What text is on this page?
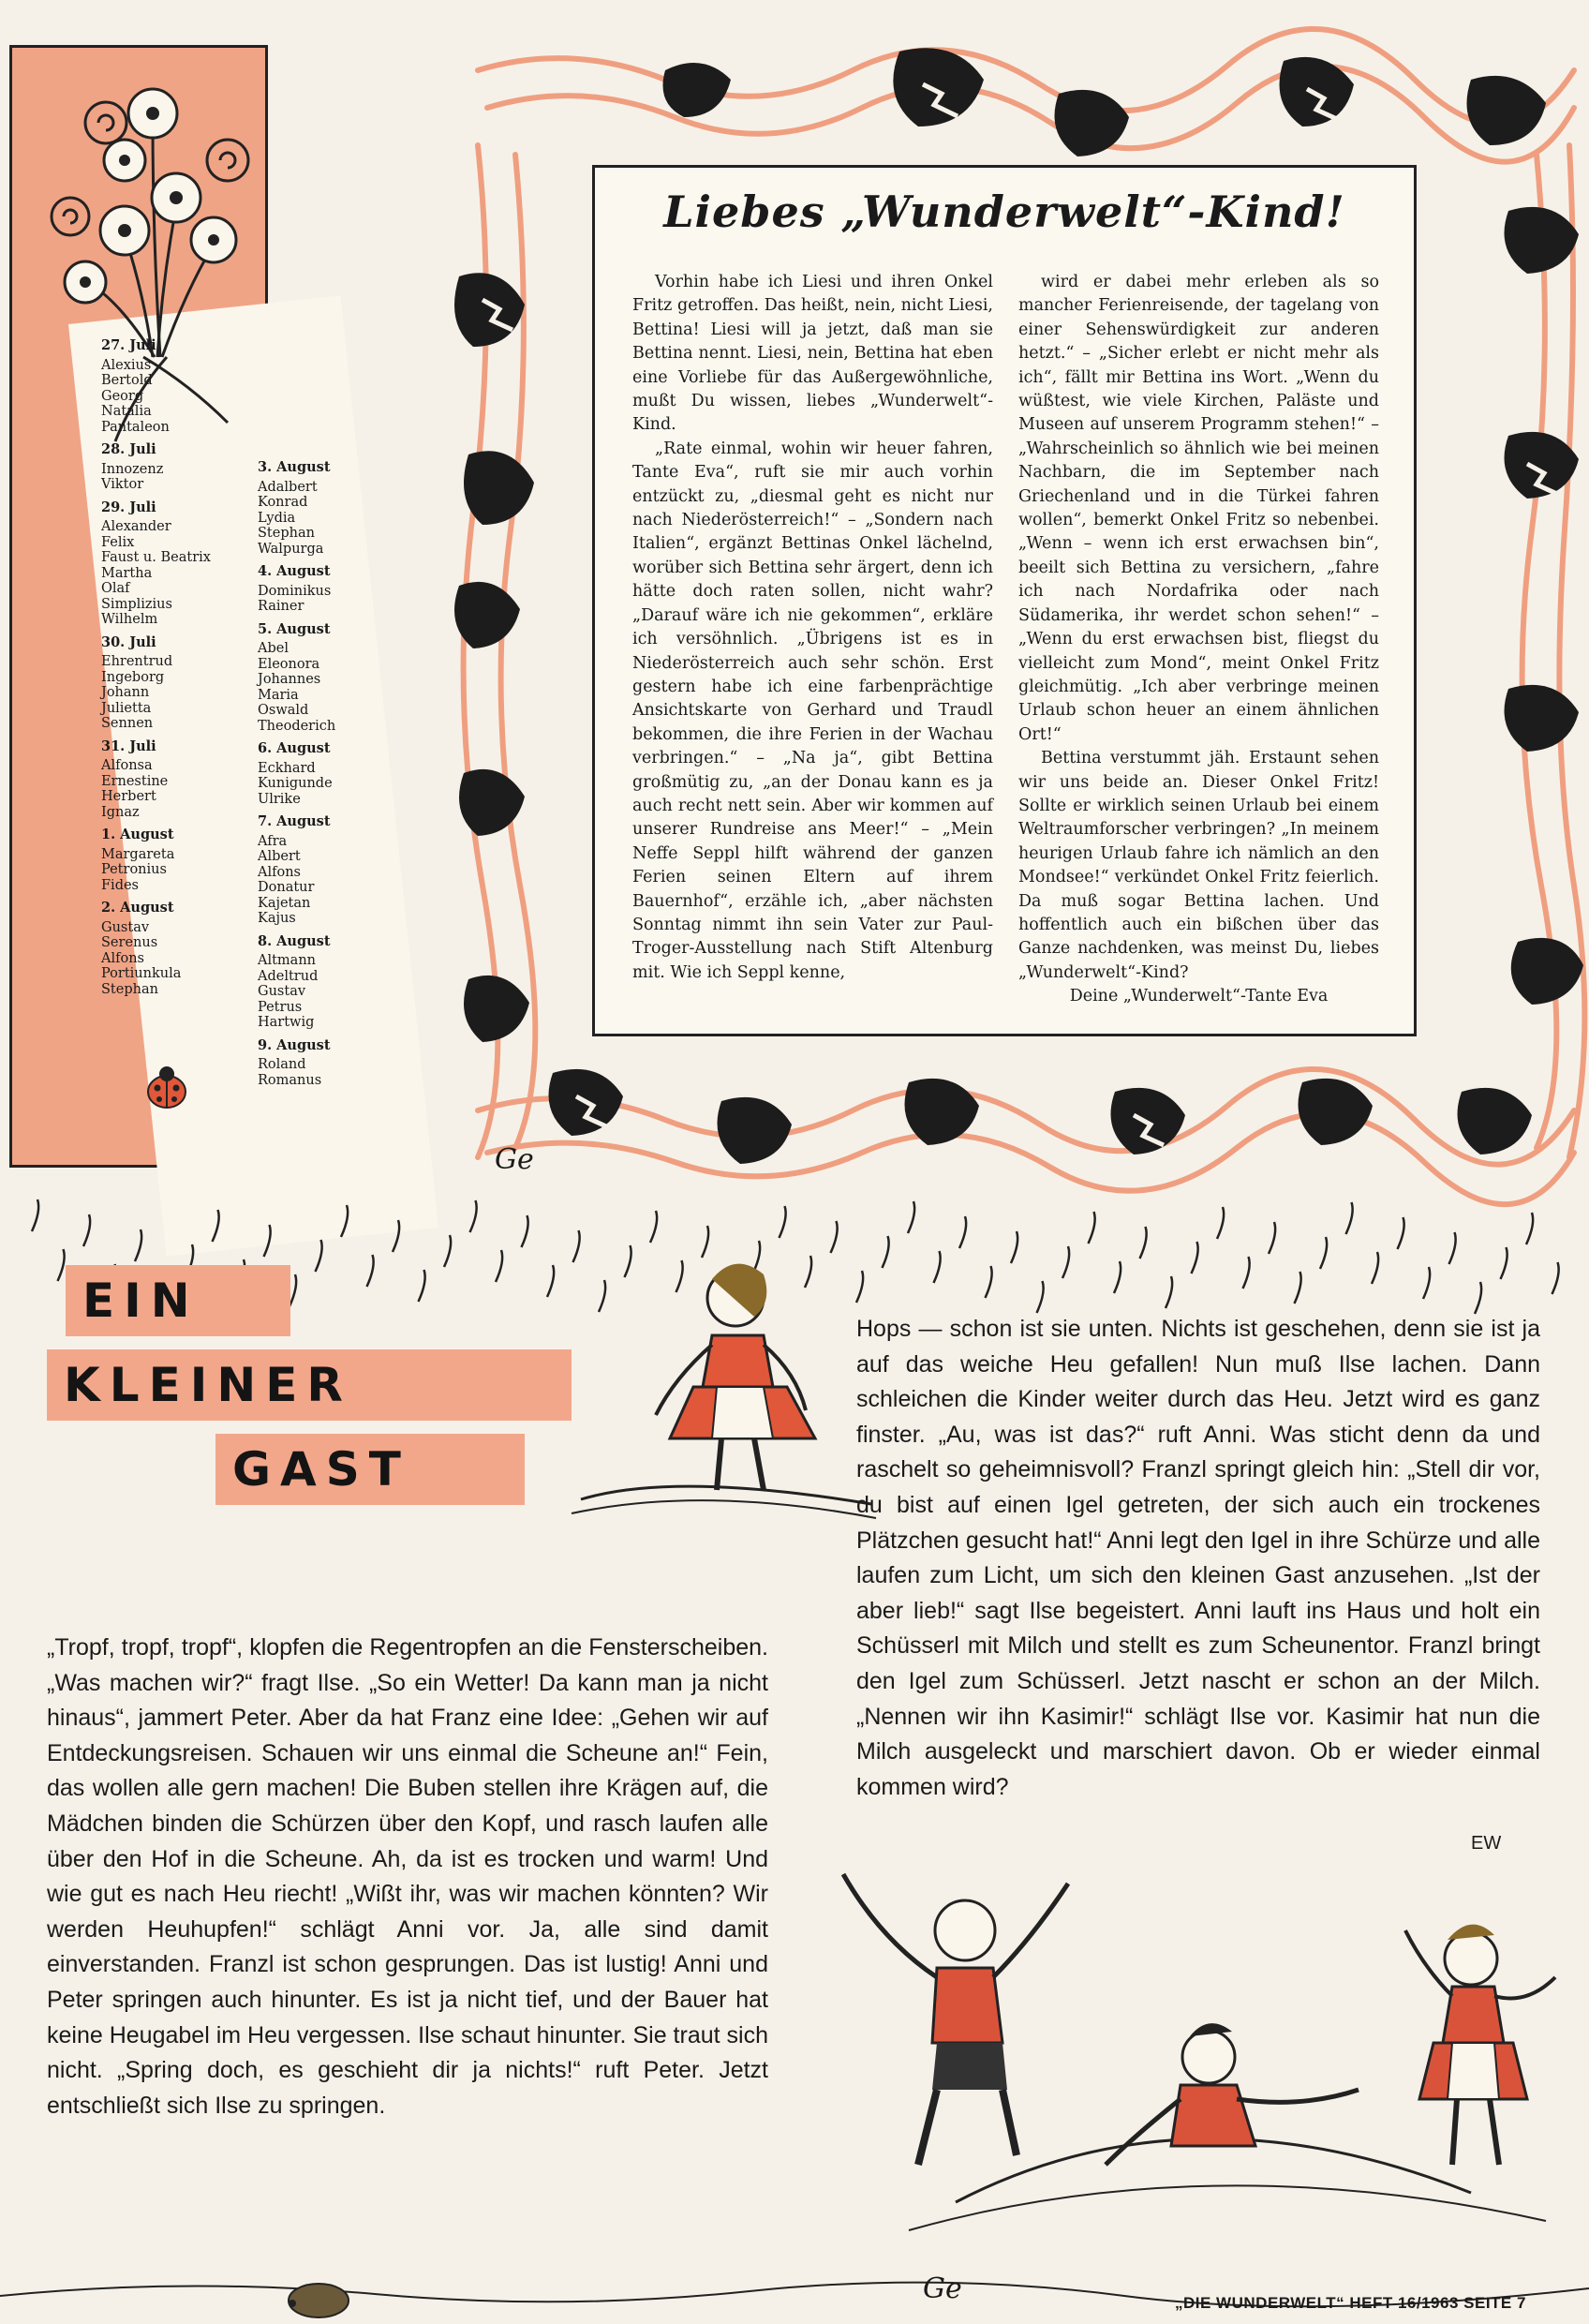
27. Juli
Alexius
Bertold
Georg
Natalia
Pantaleon
28. Juli
Innozenz
Viktor
29. Juli
Alexander
Felix
Faust u. Beatrix
Martha
Olaf
Simplizius
Wilhelm
30. Juli
Ehrentrud
Ingeborg
Johann
Julietta
Sennen
31. Juli
Alfonsa
Ernestine
Herbert
Ignaz
1. August
Margareta
Petronius
Fides
2. August
Gustav
Serenus
Alfons
Portiunkula
Stephan
3. August
Adalbert
Konrad
Lydia
Stephan
Walpurga
4. August
Dominikus
Rainer
5. August
Abel
Eleonora
Johannes
Maria
Oswald
Theoderich
6. August
Eckhard
Kunigunde
Ulrike
7. August
Afra
Albert
Alfons
Donatur
Kajetan
Kajus
8. August
Altmann
Adeltrud
Gustav
Petrus
Hartwig
9. August
Roland
Romanus
Ge
Liebes „Wunderwelt“-Kind!

Vorhin habe ich Liesi und ihren Onkel Fritz getroffen. Das heißt, nein, nicht Liesi, Bettina! Liesi will ja jetzt, daß man sie Bettina nennt. Liesi, nein, Bettina hat eben eine Vorliebe für das Außergewöhnliche, mußt Du wissen, liebes „Wunderwelt“-Kind.

„Rate einmal, wohin wir heuer fahren, Tante Eva“, ruft sie mir auch vorhin entzückt zu, „diesmal geht es nicht nur nach Niederösterreich!“ – „Sondern nach Italien“, ergänzt Bettinas Onkel lächelnd, worüber sich Bettina sehr ärgert, denn ich hätte doch raten sollen, nicht wahr? „Darauf wäre ich nie gekommen“, erkläre ich versöhnlich. „Übrigens ist es in Niederösterreich auch sehr schön. Erst gestern habe ich eine farbenprächtige Ansichtskarte von Gerhard und Traudl bekommen, die ihre Ferien in der Wachau verbringen.“ – „Na ja“, gibt Bettina großmütig zu, „an der Donau kann es ja auch recht nett sein. Aber wir kommen auf unserer Rundreise ans Meer!“ – „Mein Neffe Seppl hilft während der ganzen Ferien seinen Eltern auf ihrem Bauernhof“, erzähle ich, „aber nächsten Sonntag nimmt ihn sein Vater zur Paul-Troger-Ausstellung nach Stift Altenburg mit. Wie ich Seppl kenne,

wird er dabei mehr erleben als so mancher Ferienreisende, der tagelang von einer Sehenswürdigkeit zur anderen hetzt.“ – „Sicher erlebt er nicht mehr als ich“, fällt mir Bettina ins Wort. „Wenn du wüßtest, wie viele Kirchen, Paläste und Museen auf unserem Programm stehen!“ – „Wahrscheinlich so ähnlich wie bei meinen Nachbarn, die im September nach Griechenland und in die Türkei fahren wollen“, bemerkt Onkel Fritz so nebenbei. „Wenn – wenn ich erst erwachsen bin“, beeilt sich Bettina zu versichern, „fahre ich nach Nordafrika oder nach Südamerika, ihr werdet schon sehen!“ – „Wenn du erst erwachsen bist, fliegst du vielleicht zum Mond“, meint Onkel Fritz gleichmütig. „Ich aber verbringe meinen Urlaub schon heuer an einem ähnlichen Ort!“

Bettina verstummt jäh. Erstaunt sehen wir uns beide an. Dieser Onkel Fritz! Sollte er wirklich seinen Urlaub bei einem Weltraumforscher verbringen? „In meinem heurigen Urlaub fahre ich nämlich an den Mondsee!“ verkündet Onkel Fritz feierlich. Da muß sogar Bettina lachen. Und hoffentlich auch ein bißchen über das Ganze nachdenken, was meinst Du, liebes „Wunderwelt“-Kind?

Deine „Wunderwelt“-Tante Eva

EIN
KLEINER
GAST

„Tropf, tropf, tropf“, klopfen die Regentropfen an die Fensterscheiben. „Was machen wir?“ fragt Ilse. „So ein Wetter! Da kann man ja nicht hinaus“, jammert Peter. Aber da hat Franz eine Idee: „Gehen wir auf Entdeckungsreisen. Schauen wir uns einmal die Scheune an!“ Fein, das wollen alle gern machen! Die Buben stellen ihre Krägen auf, die Mädchen binden die Schürzen über den Kopf, und rasch laufen alle über den Hof in die Scheune. Ah, da ist es trocken und warm! Und wie gut es nach Heu riecht! „Wißt ihr, was wir machen könnten? Wir werden Heuhupfen!“ schlägt Anni vor. Ja, alle sind damit einverstanden. Franzl ist schon gesprungen. Das ist lustig! Anni und Peter springen auch hinunter. Es ist ja nicht tief, und der Bauer hat keine Heugabel im Heu vergessen. Ilse schaut hinunter. Sie traut sich nicht. „Spring doch, es geschieht dir ja nichts!“ ruft Peter. Jetzt entschließt sich Ilse zu springen.

Hops — schon ist sie unten. Nichts ist geschehen, denn sie ist ja auf das weiche Heu gefallen! Nun muß Ilse lachen. Dann schleichen die Kinder weiter durch das Heu. Jetzt wird es ganz finster. „Au, was ist das?“ ruft Anni. Was sticht denn da und raschelt so geheimnisvoll? Franzl springt gleich hin: „Stell dir vor, du bist auf einen Igel getreten, der sich auch ein trockenes Plätzchen gesucht hat!“ Anni legt den Igel in ihre Schürze und alle laufen zum Licht, um sich den kleinen Gast anzusehen. „Ist der aber lieb!“ sagt Ilse begeistert. Anni lauft ins Haus und holt ein Schüsserl mit Milch und stellt es zum Scheunentor. Franzl bringt den Igel zum Schüsserl. Jetzt nascht er schon an der Milch. „Nennen wir ihn Kasimir!“ schlägt Ilse vor. Kasimir hat nun die Milch ausgeleckt und marschiert davon. Ob er wieder einmal kommen wird?

EW
Ge	„DIE WUNDERWELT“ HEFT 16/1963 SEITE 7
